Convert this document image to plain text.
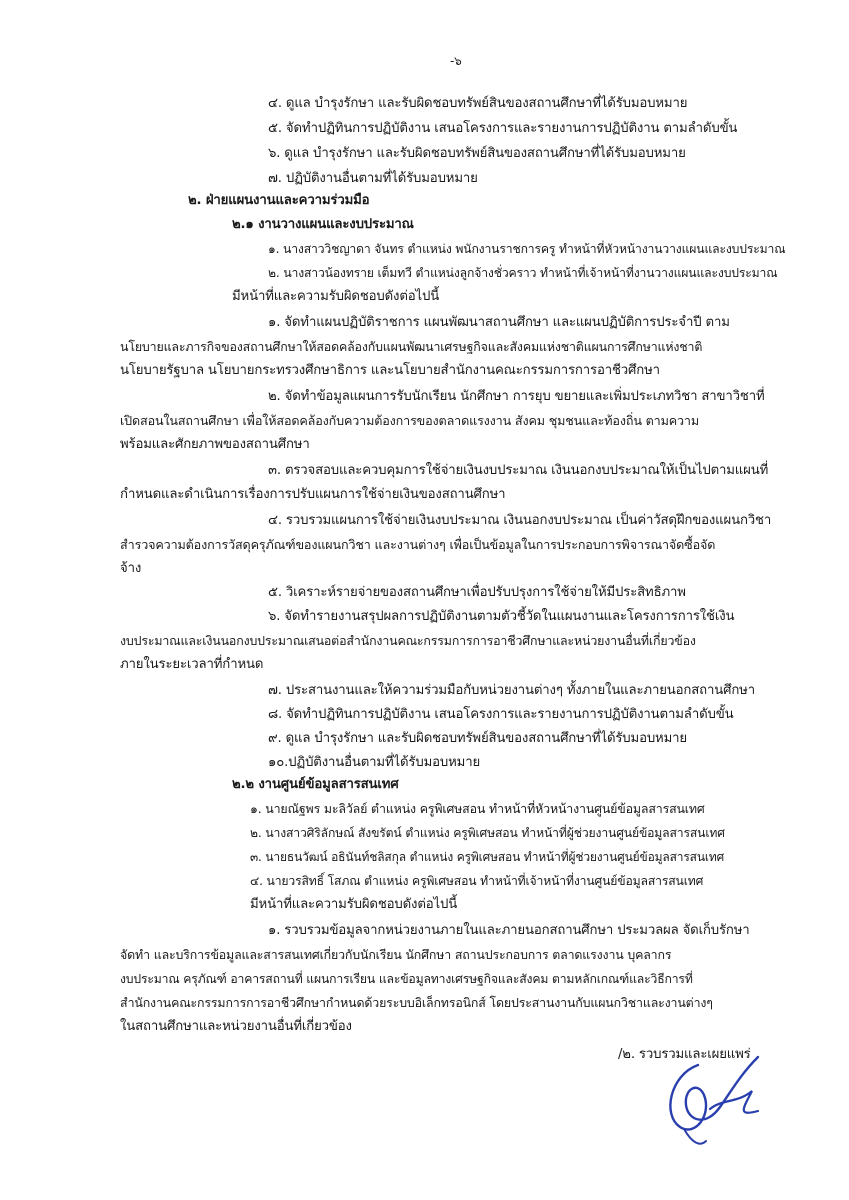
-๖
๔. ดูแล บำรุงรักษา และรับผิดชอบทรัพย์สินของสถานศึกษาที่ได้รับมอบหมาย
๕. จัดทำปฏิทินการปฏิบัติงาน เสนอโครงการและรายงานการปฏิบัติงาน ตามลำดับขั้น
๖. ดูแล บำรุงรักษา และรับผิดชอบทรัพย์สินของสถานศึกษาที่ได้รับมอบหมาย
๗. ปฏิบัติงานอื่นตามที่ได้รับมอบหมาย
๒. ฝ่ายแผนงานและความร่วมมือ
๒.๑ งานวางแผนและงบประมาณ
๑. นางสาววิชญาดา จันทร ตำแหน่ง พนักงานราชการครู ทำหน้าที่หัวหน้างานวางแผนและงบประมาณ
๒. นางสาวน้องทราย เต็มทวี ตำแหน่งลูกจ้างชั่วคราว ทำหน้าที่เจ้าหน้าที่งานวางแผนและงบประมาณ
มีหน้าที่และความรับผิดชอบดังต่อไปนี้
๑. จัดทำแผนปฏิบัติราชการ แผนพัฒนาสถานศึกษา และแผนปฏิบัติการประจำปี ตาม
นโยบายและภารกิจของสถานศึกษาให้สอดคล้องกับแผนพัฒนาเศรษฐกิจและสังคมแห่งชาติแผนการศึกษาแห่งชาติ
นโยบายรัฐบาล นโยบายกระทรวงศึกษาธิการ และนโยบายสำนักงานคณะกรรมการการอาชีวศึกษา
๒. จัดทำข้อมูลแผนการรับนักเรียน นักศึกษา การยุบ ขยายและเพิ่มประเภทวิชา สาขาวิชาที่
เปิดสอนในสถานศึกษา เพื่อให้สอดคล้องกับความต้องการของตลาดแรงงาน สังคม ชุมชนและท้องถิ่น ตามความ
พร้อมและศักยภาพของสถานศึกษา
๓. ตรวจสอบและควบคุมการใช้จ่ายเงินงบประมาณ เงินนอกงบประมาณให้เป็นไปตามแผนที่
กำหนดและดำเนินการเรื่องการปรับแผนการใช้จ่ายเงินของสถานศึกษา
๔. รวบรวมแผนการใช้จ่ายเงินงบประมาณ เงินนอกงบประมาณ เป็นค่าวัสดุฝึกของแผนกวิชา
สำรวจความต้องการวัสดุครุภัณฑ์ของแผนกวิชา และงานต่างๆ เพื่อเป็นข้อมูลในการประกอบการพิจารณาจัดซื้อจัด
จ้าง
๕. วิเคราะห์รายจ่ายของสถานศึกษาเพื่อปรับปรุงการใช้จ่ายให้มีประสิทธิภาพ
๖. จัดทำรายงานสรุปผลการปฏิบัติงานตามตัวชี้วัดในแผนงานและโครงการการใช้เงิน
งบประมาณและเงินนอกงบประมาณเสนอต่อสำนักงานคณะกรรมการการอาชีวศึกษาและหน่วยงานอื่นที่เกี่ยวข้อง
ภายในระยะเวลาที่กำหนด
๗. ประสานงานและให้ความร่วมมือกับหน่วยงานต่างๆ ทั้งภายในและภายนอกสถานศึกษา
๘. จัดทำปฏิทินการปฏิบัติงาน เสนอโครงการและรายงานการปฏิบัติงานตามลำดับขั้น
๙. ดูแล บำรุงรักษา และรับผิดชอบทรัพย์สินของสถานศึกษาที่ได้รับมอบหมาย
๑๐.ปฏิบัติงานอื่นตามที่ได้รับมอบหมาย
๒.๒ งานศูนย์ข้อมูลสารสนเทศ
๑. นายณัฐพร มะลิวัลย์ ตำแหน่ง ครูพิเศษสอน ทำหน้าที่หัวหน้างานศูนย์ข้อมูลสารสนเทศ
๒. นางสาวศิริลักษณ์ สังขรัตน์ ตำแหน่ง ครูพิเศษสอน ทำหน้าที่ผู้ช่วยงานศูนย์ข้อมูลสารสนเทศ
๓. นายธนวัฒน์ อธินันท์ชลิสกุล ตำแหน่ง ครูพิเศษสอน ทำหน้าที่ผู้ช่วยงานศูนย์ข้อมูลสารสนเทศ
๔. นายวรสิทธิ์ โสภณ ตำแหน่ง ครูพิเศษสอน ทำหน้าที่เจ้าหน้าที่งานศูนย์ข้อมูลสารสนเทศ
มีหน้าที่และความรับผิดชอบดังต่อไปนี้
๑. รวบรวมข้อมูลจากหน่วยงานภายในและภายนอกสถานศึกษา ประมวลผล จัดเก็บรักษา
จัดทำ และบริการข้อมูลและสารสนเทศเกี่ยวกับนักเรียน นักศึกษา สถานประกอบการ ตลาดแรงงาน บุคลากร
งบประมาณ ครุภัณฑ์ อาคารสถานที่ แผนการเรียน และข้อมูลทางเศรษฐกิจและสังคม ตามหลักเกณฑ์และวิธีการที่
สำนักงานคณะกรรมการการอาชีวศึกษากำหนดด้วยระบบอิเล็กทรอนิกส์ โดยประสานงานกับแผนกวิชาและงานต่างๆ
ในสถานศึกษาและหน่วยงานอื่นที่เกี่ยวข้อง
/๒. รวบรวมและเผยแพร่
